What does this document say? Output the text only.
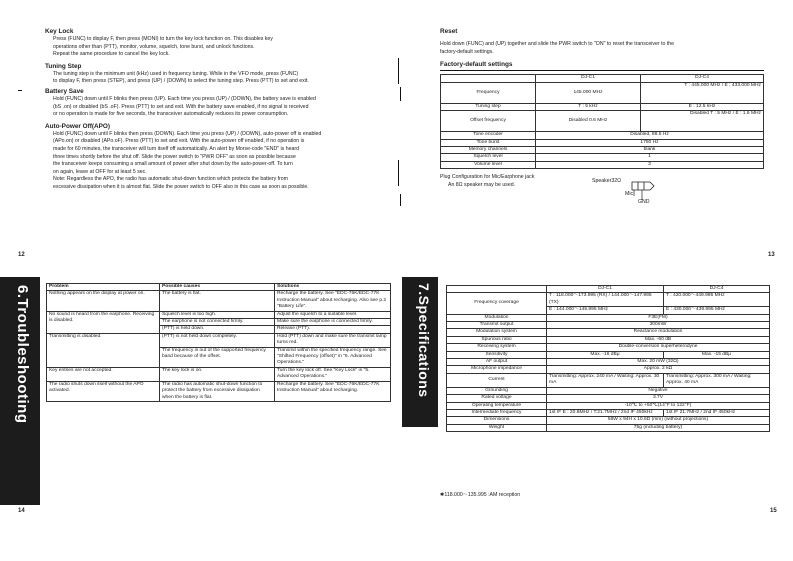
Key Lock

Press (FUNC) to display F, then press (MONI) to turn the key lock function on. This disables key

operations other than (PTT), monitor, volume, squelch, tone burst, and unlock functions.

Repeat the same procedure to cancel the key lock.

Tuning Step

The tuning step is the minimum unit (kHz) used in frequency tuning. While in the VFO mode, press (FUNC)

to display F, then press (STEP), and press (UP) / (DOWN) to select the tuning step. Press (PTT) to set and exit.

Battery Save

Hold (FUNC) down until F blinks then press (UP). Each time you press (UP) / (DOWN), the battery save is enabled

(bS .on) or disabled (bS .oF). Press (PTT) to set and exit. With the battery save enabled, if no signal is received

or no operation is made for five seconds, the transceiver automatically reduces its power consumption.

Auto-Power Off(APO)

Hold (FUNC) down until F blinks then press (DOWN). Each time you press (UP) / (DOWN), auto-power off is enabled

(APo.on) or disabled (APo.oF). Press (PTT) to set and exit. With the auto-power off enabled, if no operation is

made for 60 minutes, the transceiver will turn itself off automatically. An alert by Morse-code "END" is heard

three times shortly before the shut off. Slide the power switch to "PWR OFF" as soon as possible because

the transceiver keeps consuming a small amount of power after shut down by the auto-power-off. To turn

on again, leave at OFF for at least 5 sec.

Note: Regardless the APO, the radio has automatic shut-down function which protects the battery from

excessive dissipation when it is almost flat. Slide the power switch to OFF also in this case as soon as possible.

12

Reset

Hold down (FUNC) and (UP) together and slide the PWR switch to "ON" to reset the transceiver to the

factory-default settings.

Factory-default settings

	DJ-C1	DJ-C4
Frequency	145.000 MHz	T : 445.000 MHz / E : 433.000 MHz
Tuning step	T : 5 kHz	E : 12.5 kHz
Offset frequency	Disabled 0.6 MHz	Disabled T : 5 MHz / E : 1.6 MHz
Tone encoder	Disabled, 88.5 Hz	
Tone burst	1750 Hz	
Memory channels	blank	
Squelch level	1	
Volume level	3	

Plug Configuration for Mic/Earphone jack

An 8Ω speaker may be used.

Speaker32Ω
Mic
GND
13
6.Troubleshooting	Problem	Possible causes	Solutions
Nothing appears on the display at power on.	The battery is flat.	Recharge the battery. See "EDC-76K/EDC-77K Instruction Manual" about recharging. Also see p.2 "Battery Life".
No sound is heard from the earphone. Receiving is disabled.	Squelch level is too high.	Adjust the squelch to a suitable level.
	The earphone is not connected firmly.	Make sure the earphone is connected firmly.
	(PTT) is held down.	Release (PTT).
Transmitting is disabled.	(PTT) is not held down completely.	Hold (PTT) down and make sure the transmit lamp turns red.
	The frequency is out of the supported frequency band because of the offset.	Transmit within the specified frequency range. See "Shifted Frequency (offset)" in "5. Advanced Operations."
Key entries are not accepted.	The key lock is on.	Turn the key lock off. See "Key Lock" in "5. Advanced Operations."
The radio shuts down itself without the APO activated.	The radio has automatic shut-down function to protect the battery from excessive dissipation when the battery is flat.	Recharge the battery. See "EDC-76K/EDC-77K Instruction Manual" about recharging.
14
7.Specifications
		DJ-C1	DJ-C4
Frequency coverage	T : 118.000～173.995 (RX) / 144.000～147.995 (TX)	T : 420.000～449.995 MHz
	E : 144.000～145.995 MHz	E : 430.000～439.995 MHz
Modulation	F3E(FM)	
Transmit output	300mW	
Modulation system	Reactance modulation	
Spurious ratio	Max. -60 dB	
Receiving system	Double-conversion superheterodyne	
Sensitivity	Max. -16 dBμ	Max. -15 dBμ
AF output	Max. 20 mW (32Ω)	
Microphone impedance	Approx. 2 kΩ	
Current	Transmitting: Approx. 240 mA / Waiting: Approx. 30 mA	Transmitting: Approx. 300 mA / Waiting: Approx. 40 mA
Grounding	Negative	
Rated voltage	3.7V	
Operating temperature	-10℃ to +50℃(14°F to 122°F)	
Intermediate frequency	1st IF E : 20.8MHz / T:21.7MHz / 2nd IF 450kHz	1st IF 21.7MHz / 2nd IF 450kHz
Dimensions	56W x 94H x 10.6D (mm) (without projections)	
Weight	75g (including battery)	
✱118.000～135.995 :AM reception
15
